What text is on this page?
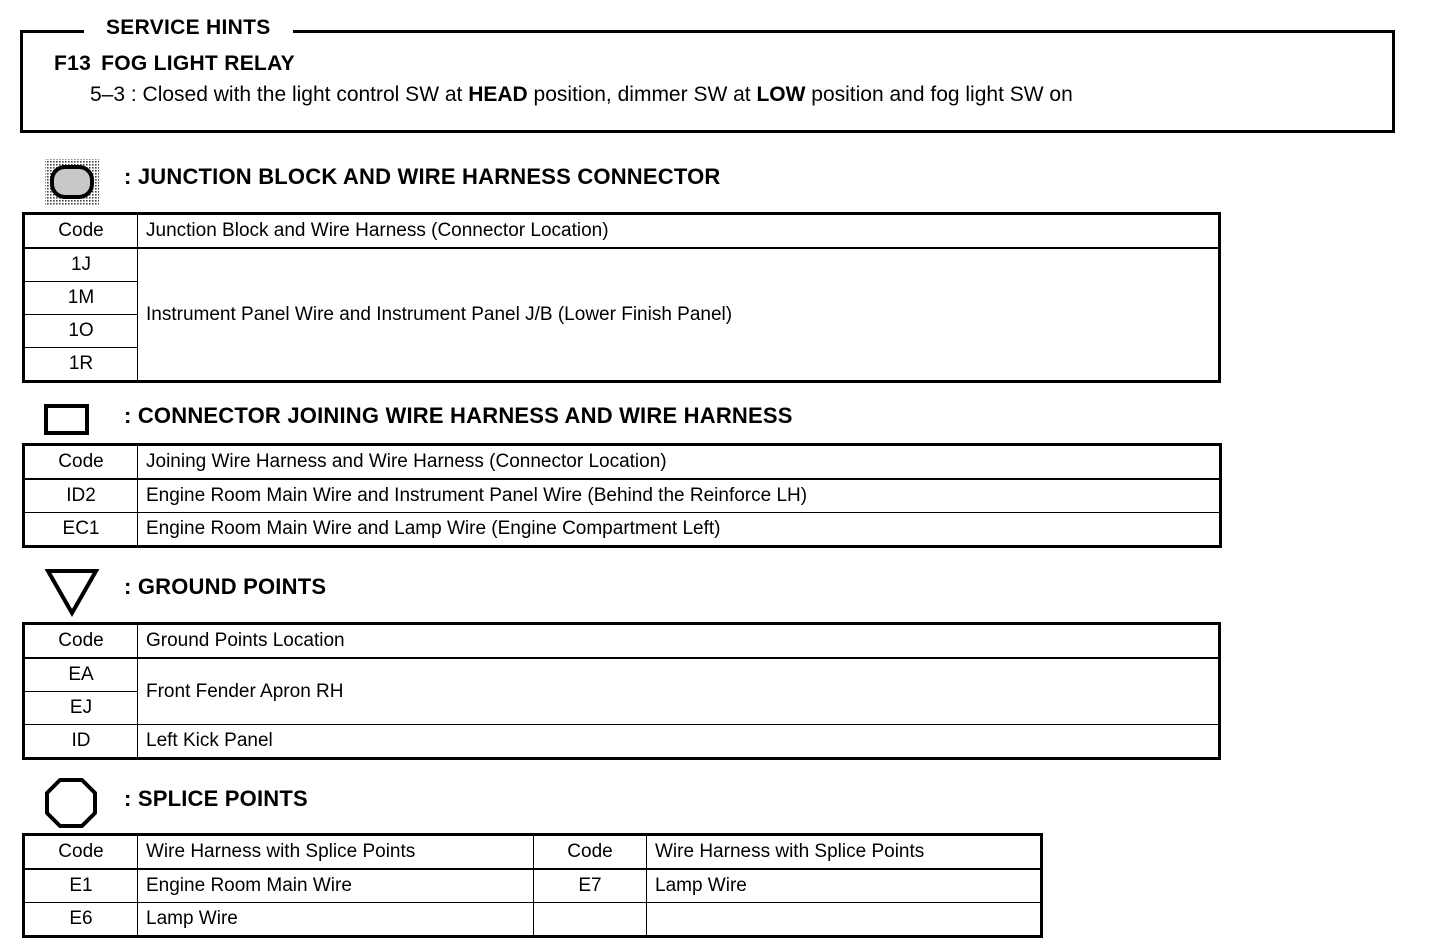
SERVICE HINTS
F13 FOG LIGHT RELAY
5–3 : Closed with the light control SW at HEAD position, dimmer SW at LOW position and fog light SW on
: JUNCTION BLOCK AND WIRE HARNESS CONNECTOR
Code	Junction Block and Wire Harness (Connector Location)
1J	Instrument Panel Wire and Instrument Panel J/B (Lower Finish Panel)
1M	
1O	
1R	
: CONNECTOR JOINING WIRE HARNESS AND WIRE HARNESS
Code	Joining Wire Harness and Wire Harness (Connector Location)
ID2	Engine Room Main Wire and Instrument Panel Wire (Behind the Reinforce LH)
EC1	Engine Room Main Wire and Lamp Wire (Engine Compartment Left)
: GROUND POINTS
Code	Ground Points Location
EA	Front Fender Apron RH
EJ	
ID	Left Kick Panel
: SPLICE POINTS
Code	Wire Harness with Splice Points	Code	Wire Harness with Splice Points
E1	Engine Room Main Wire	E7	Lamp Wire
E6	Lamp Wire		
